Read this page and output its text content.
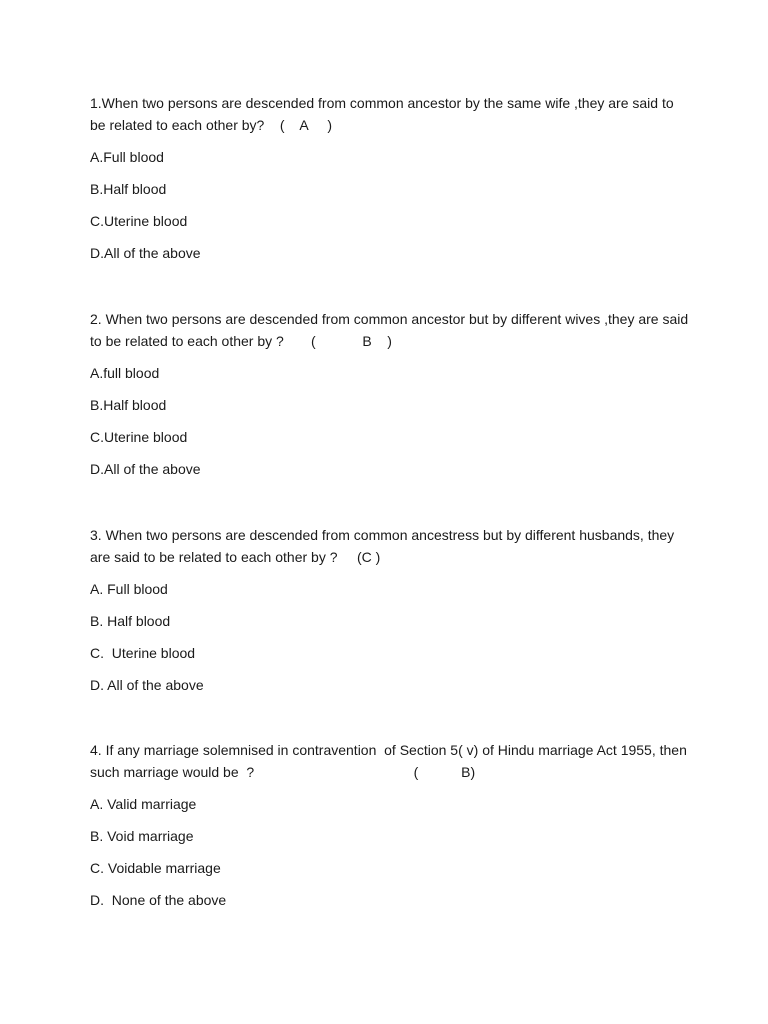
1.When two persons are descended from common ancestor by the same wife ,they are said to be related to each other by?    (    A     )

A.Full blood

B.Half blood

C.Uterine blood

D.All of the above

2. When two persons are descended from common ancestor but by different wives ,they are said to be related to each other by ?       (            B    )

A.full blood

B.Half blood

C.Uterine blood

D.All of the above

3. When two persons are descended from common ancestress but by different husbands, they are said to be related to each other by ?     (C )

A. Full blood

B. Half blood

C.  Uterine blood

D. All of the above

4. If any marriage solemnised in contravention  of Section 5( v) of Hindu marriage Act 1955, then such marriage would be  ?                                         (           B)

A. Valid marriage

B. Void marriage

C. Voidable marriage

D.  None of the above
